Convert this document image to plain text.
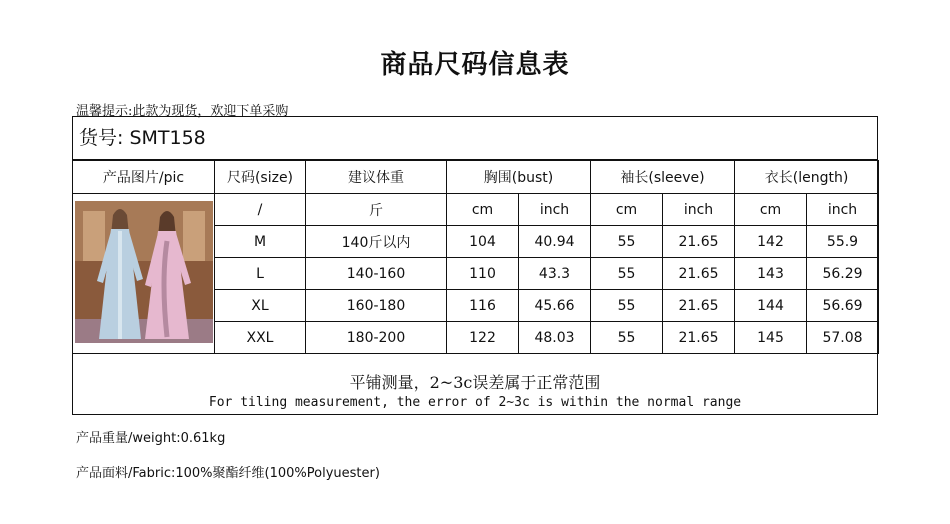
商品尺码信息表
温馨提示:此款为现货，欢迎下单采购
货号: SMT158
产品图片/pic	尺码(size)	建议体重	胸围(bust)		袖长(sleeve)		衣长(length)	
	/	斤	cm	inch	cm	inch	cm	inch
	M	140斤以内	104	40.94	55	21.65	142	55.9
	L	140-160	110	43.3	55	21.65	143	56.29
	XL	160-180	116	45.66	55	21.65	144	56.69
	XXL	180-200	122	48.03	55	21.65	145	57.08
平铺测量，2~3c误差属于正常范围
For tiling measurement, the error of 2~3c is within the normal range
产品重量/weight:0.61kg
产品面料/Fabric:100%聚酯纤维(100%Polyuester)
